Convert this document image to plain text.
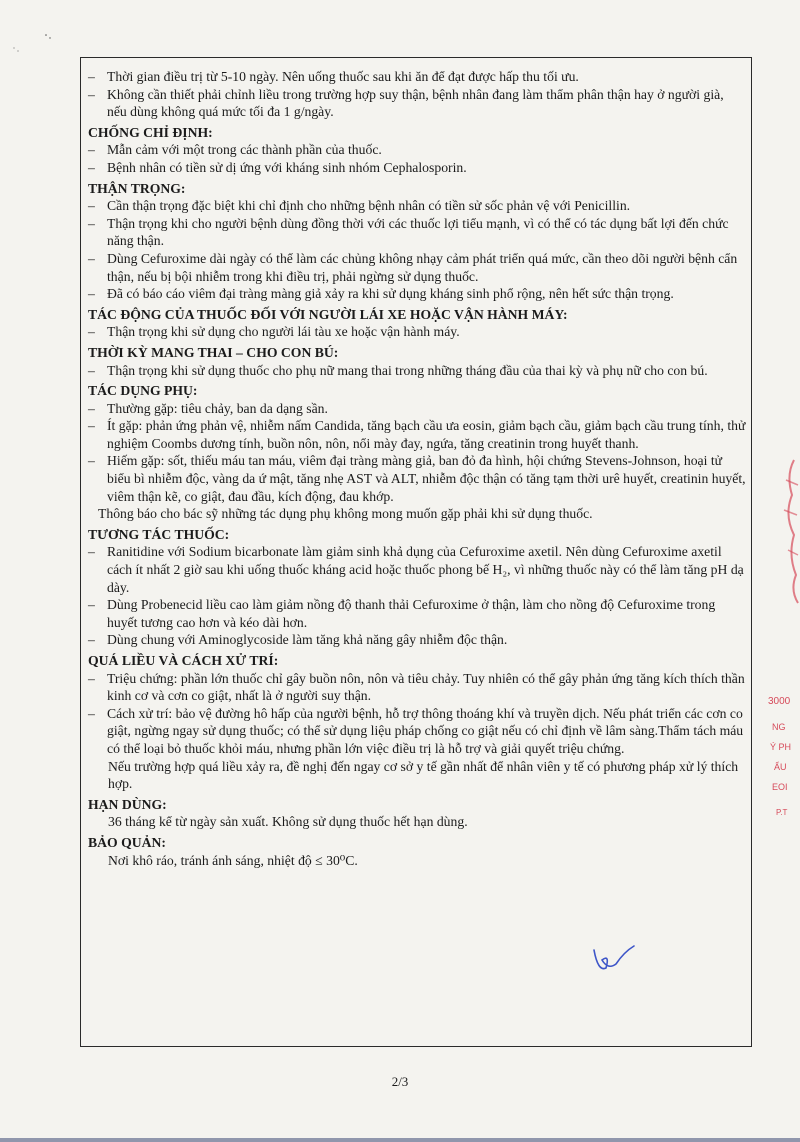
– Thời gian điều trị từ 5-10 ngày. Nên uống thuốc sau khi ăn để đạt được hấp thu tối ưu.
– Không cần thiết phải chỉnh liều trong trường hợp suy thận, bệnh nhân đang làm thẩm phân thận hay ở người già, nếu dùng không quá mức tối đa 1 g/ngày.
CHỐNG CHỈ ĐỊNH:
– Mẫn cảm với một trong các thành phần của thuốc.
– Bệnh nhân có tiền sử dị ứng với kháng sinh nhóm Cephalosporin.
THẬN TRỌNG:
– Cần thận trọng đặc biệt khi chỉ định cho những bệnh nhân có tiền sử sốc phản vệ với Penicillin.
– Thận trọng khi cho người bệnh dùng đồng thời với các thuốc lợi tiểu mạnh, vì có thể có tác dụng bất lợi đến chức năng thận.
– Dùng Cefuroxime dài ngày có thể làm các chủng không nhạy cảm phát triển quá mức, cần theo dõi người bệnh cẩn thận, nếu bị bội nhiễm trong khi điều trị, phải ngừng sử dụng thuốc.
– Đã có báo cáo viêm đại tràng màng giả xảy ra khi sử dụng kháng sinh phổ rộng, nên hết sức thận trọng.
TÁC ĐỘNG CỦA THUỐC ĐỐI VỚI NGƯỜI LÁI XE HOẶC VẬN HÀNH MÁY:
– Thận trọng khi sử dụng cho người lái tàu xe hoặc vận hành máy.
THỜI KỲ MANG THAI – CHO CON BÚ:
– Thận trọng khi sử dụng thuốc cho phụ nữ mang thai trong những tháng đầu của thai kỳ và phụ nữ cho con bú.
TÁC DỤNG PHỤ:
– Thường gặp: tiêu chảy, ban da dạng sần.
– Ít gặp: phản ứng phản vệ, nhiễm nấm Candida, tăng bạch cầu ưa eosin, giảm bạch cầu, giảm bạch cầu trung tính, thử nghiệm Coombs dương tính, buồn nôn, nôn, nổi mày đay, ngứa, tăng creatinin trong huyết thanh.
– Hiếm gặp: sốt, thiếu máu tan máu, viêm đại tràng màng giả, ban đỏ đa hình, hội chứng Stevens-Johnson, hoại tử biểu bì nhiễm độc, vàng da ứ mật, tăng nhẹ AST và ALT, nhiễm độc thận có tăng tạm thời urê huyết, creatinin huyết, viêm thận kẽ, co giật, đau đầu, kích động, đau khớp.
Thông báo cho bác sỹ những tác dụng phụ không mong muốn gặp phải khi sử dụng thuốc.
TƯƠNG TÁC THUỐC:
– Ranitidine với Sodium bicarbonate làm giảm sinh khả dụng của Cefuroxime axetil. Nên dùng Cefuroxime axetil cách ít nhất 2 giờ sau khi uống thuốc kháng acid hoặc thuốc phong bế H₂, vì những thuốc này có thể làm tăng pH dạ dày.
– Dùng Probenecid liều cao làm giảm nồng độ thanh thải Cefuroxime ở thận, làm cho nồng độ Cefuroxime trong huyết tương cao hơn và kéo dài hơn.
– Dùng chung với Aminoglycoside làm tăng khả năng gây nhiễm độc thận.
QUÁ LIỀU VÀ CÁCH XỬ TRÍ:
– Triệu chứng: phần lớn thuốc chỉ gây buồn nôn, nôn và tiêu chảy. Tuy nhiên có thể gây phản ứng tăng kích thích thần kinh cơ và cơn co giật, nhất là ở người suy thận.
– Cách xử trí: bảo vệ đường hô hấp của người bệnh, hỗ trợ thông thoáng khí và truyền dịch. Nếu phát triển các cơn co giật, ngừng ngay sử dụng thuốc; có thể sử dụng liệu pháp chống co giật nếu có chỉ định về lâm sàng.Thẩm tách máu có thể loại bỏ thuốc khỏi máu, nhưng phần lớn việc điều trị là hỗ trợ và giải quyết triệu chứng.
Nếu trường hợp quá liều xảy ra, đề nghị đến ngay cơ sở y tế gần nhất để nhân viên y tế có phương pháp xử lý thích hợp.
HẠN DÙNG:
36 tháng kể từ ngày sản xuất. Không sử dụng thuốc hết hạn dùng.
BẢO QUẢN:
Nơi khô ráo, tránh ánh sáng, nhiệt độ ≤ 30⁰C.
2/3
3000
NG
Ý PH
ẨU
EOI
P.T
